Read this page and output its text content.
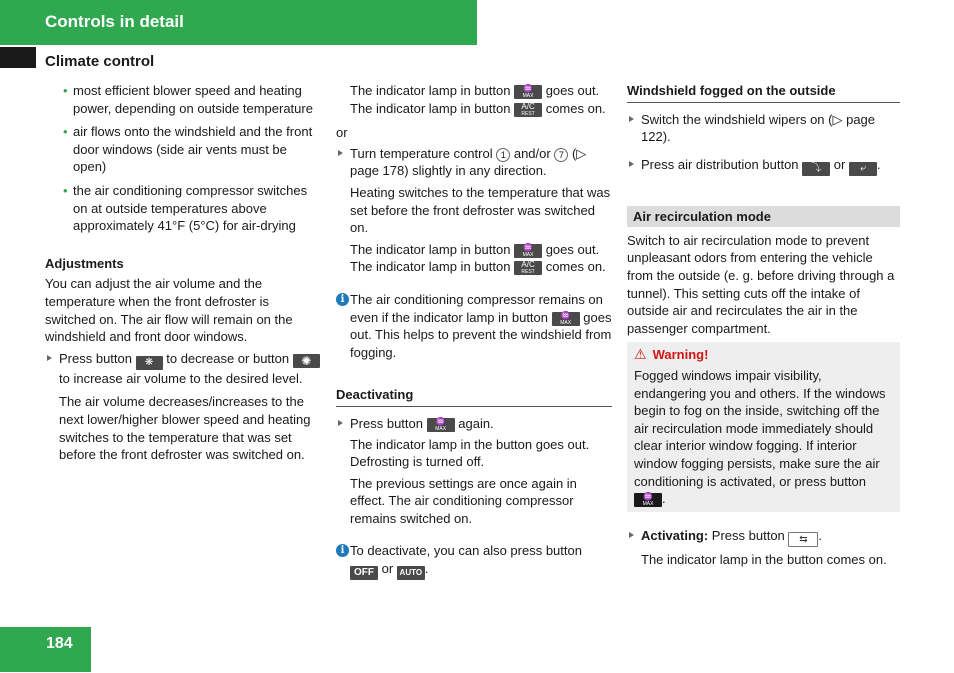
Controls in detail
Climate control

• most efficient blower speed and heating power, depending on outside temperature

• air flows onto the windshield and the front door windows (side air vents must be open)

• the air conditioning compressor switches on at outside temperatures above approximately 41°F (5°C) for air-drying

Adjustments

You can adjust the air volume and the temperature when the front defroster is switched on. The air flow will remain on the windshield and front door windows.

Press button ❋ to decrease or button ✺ to increase air volume to the desired level.

The air volume decreases/increases to the next lower/higher blower speed and heating switches to the temperature that was set before the front defroster was switched on.

The indicator lamp in button	♒
MAX goes out. The indicator lamp in button	A/C
REST comes on.

or

Turn temperature control 1 and/or 7 (▷ page 178) slightly in any direction.

Heating switches to the temperature that was set before the front defroster was switched on.

The indicator lamp in button	♒
MAX goes out. The indicator lamp in button	A/C
REST comes on.

i The air conditioning compressor remains on even if the indicator lamp in button	♒
MAX goes out. This helps to prevent the windshield from fogging.

Deactivating

Press button	♒
MAX again.

The indicator lamp in the button goes out. Defrosting is turned off.

The previous settings are once again in effect. The air conditioning compressor remains switched on.

i To deactivate, you can also press button OFF or AUTO .

Windshield fogged on the outside

Switch the windshield wipers on (▷ page 122).

Press air distribution button ⤵ or ⤶ .

Air recirculation mode

Switch to air recirculation mode to prevent unpleasant odors from entering the vehicle from the outside (e. g. before driving through a tunnel). This setting cuts off the intake of outside air and recirculates the air in the passenger compartment.

⚠ Warning!

Fogged windows impair visibility, endangering you and others. If the windows begin to fog on the inside, switching off the air recirculation mode immediately should clear interior window fogging. If interior window fogging persists, make sure the air conditioning is activated, or press button
♒
MAX .

Activating: Press button ⇆ .

The indicator lamp in the button comes on.

184
